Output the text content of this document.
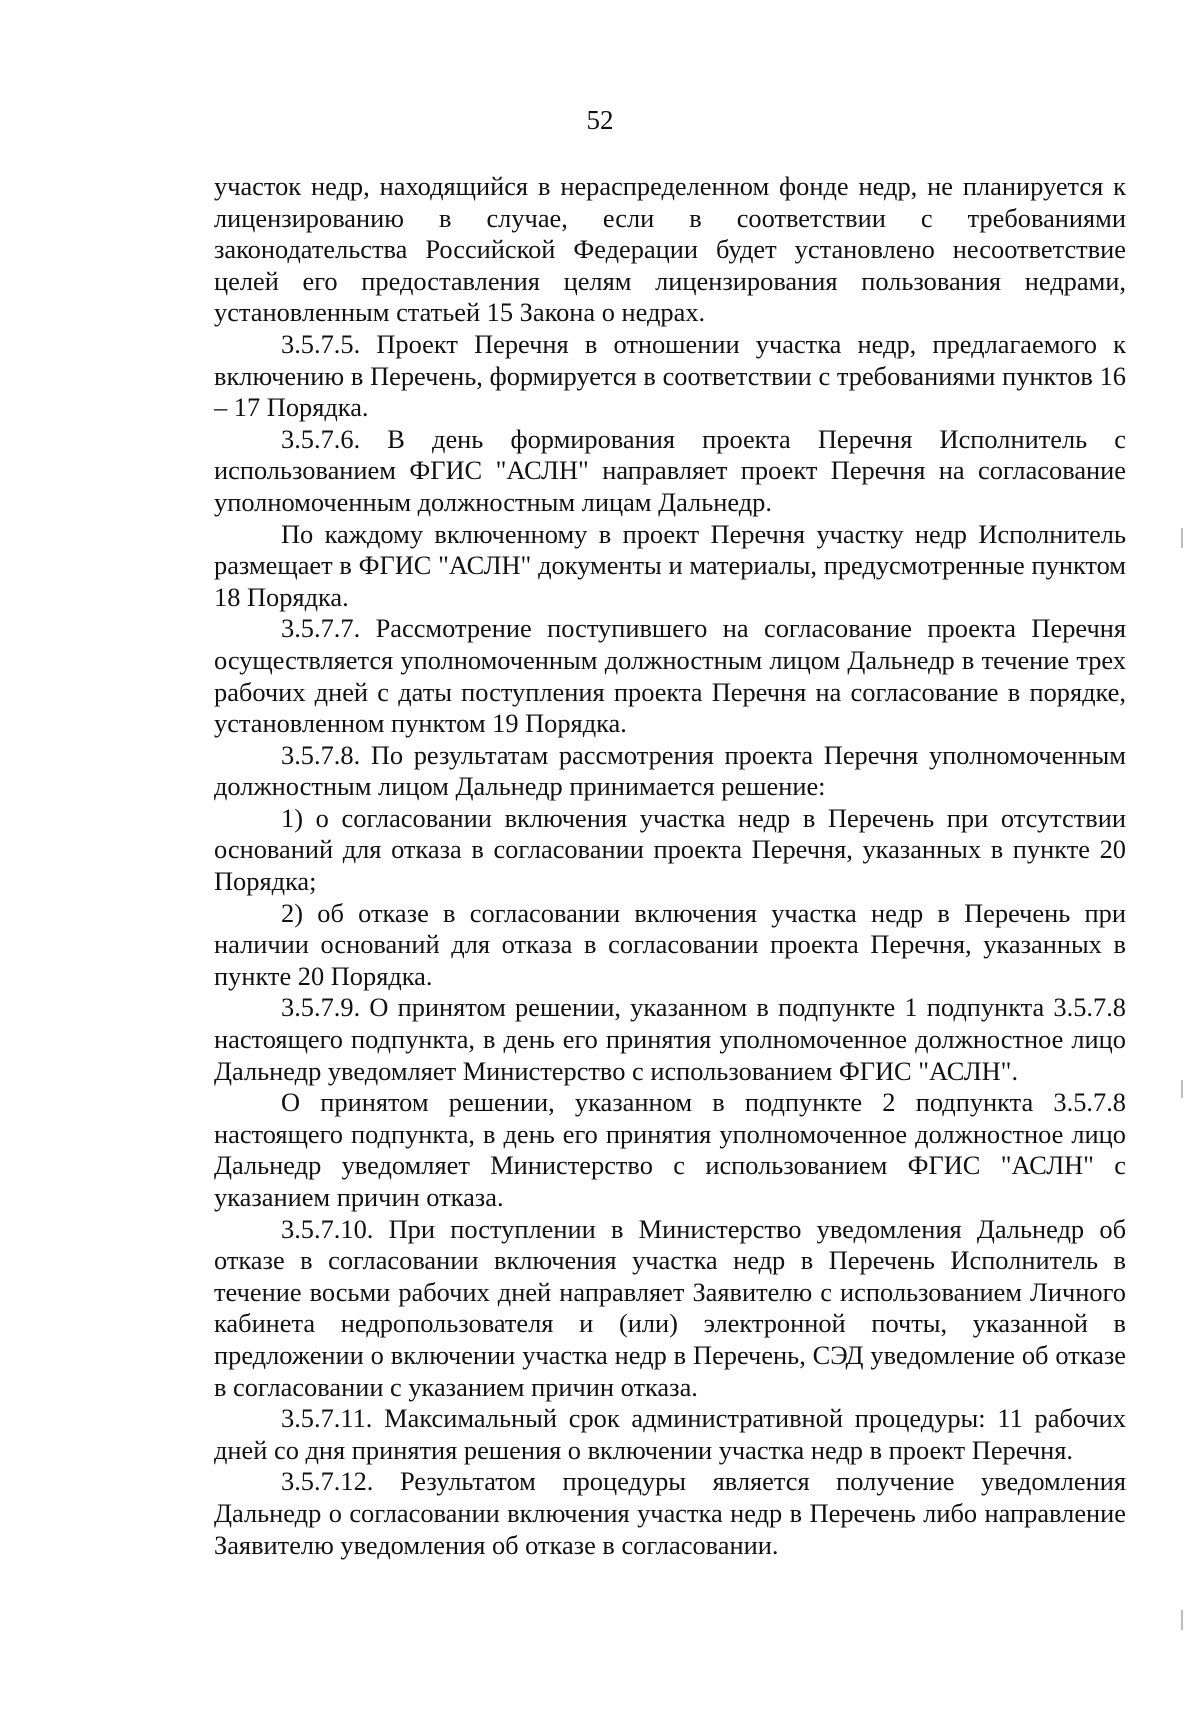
52

участок недр, находящийся в нераспределенном фонде недр, не планируется к лицензированию в случае, если в соответствии с требованиями законодательства Российской Федерации будет установлено несоответствие целей его предоставления целям лицензирования пользования недрами, установленным статьей 15 Закона о недрах.

3.5.7.5. Проект Перечня в отношении участка недр, предлагаемого к включению в Перечень, формируется в соответствии с требованиями пунктов 16 – 17 Порядка.

3.5.7.6. В день формирования проекта Перечня Исполнитель с использованием ФГИС "АСЛН" направляет проект Перечня на согласование уполномоченным должностным лицам Дальнедр.

По каждому включенному в проект Перечня участку недр Исполнитель размещает в ФГИС "АСЛН" документы и материалы, предусмотренные пунктом 18 Порядка.

3.5.7.7. Рассмотрение поступившего на согласование проекта Перечня осуществляется уполномоченным должностным лицом Дальнедр в течение трех рабочих дней с даты поступления проекта Перечня на согласование в порядке, установленном пунктом 19 Порядка.

3.5.7.8. По результатам рассмотрения проекта Перечня уполномоченным должностным лицом Дальнедр принимается решение:

1) о согласовании включения участка недр в Перечень при отсутствии оснований для отказа в согласовании проекта Перечня, указанных в пункте 20 Порядка;

2) об отказе в согласовании включения участка недр в Перечень при наличии оснований для отказа в согласовании проекта Перечня, указанных в пункте 20 Порядка.

3.5.7.9. О принятом решении, указанном в подпункте 1 подпункта 3.5.7.8 настоящего подпункта, в день его принятия уполномоченное должностное лицо Дальнедр уведомляет Министерство с использованием ФГИС "АСЛН".

О принятом решении, указанном в подпункте 2 подпункта 3.5.7.8 настоящего подпункта, в день его принятия уполномоченное должностное лицо Дальнедр уведомляет Министерство с использованием ФГИС "АСЛН" с указанием причин отказа.

3.5.7.10. При поступлении в Министерство уведомления Дальнедр об отказе в согласовании включения участка недр в Перечень Исполнитель в течение восьми рабочих дней направляет Заявителю с использованием Личного кабинета недропользователя и (или) электронной почты, указанной в предложении о включении участка недр в Перечень, СЭД уведомление об отказе в согласовании с указанием причин отказа.

3.5.7.11. Максимальный срок административной процедуры: 11 рабочих дней со дня принятия решения о включении участка недр в проект Перечня.

3.5.7.12. Результатом процедуры является получение уведомления Дальнедр о согласовании включения участка недр в Перечень либо направление Заявителю уведомления об отказе в согласовании.
